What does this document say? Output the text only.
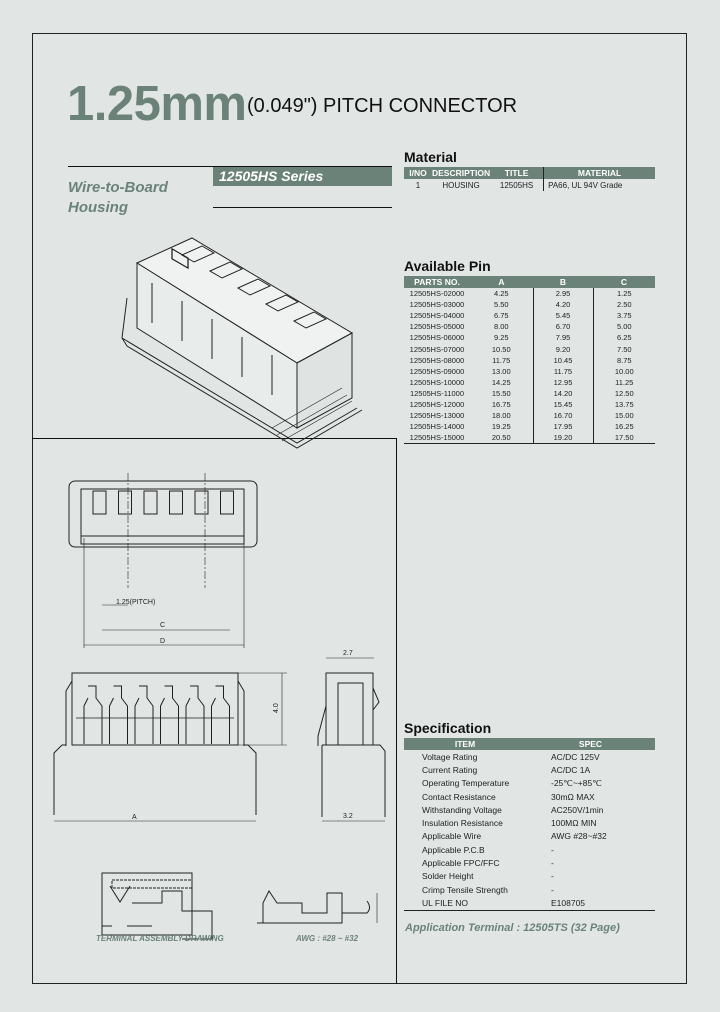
1.25mm (0.049") PITCH CONNECTOR
Wire-to-Board
Housing
12505HS Series
Material
I/NO	DESCRIPTION	TITLE	MATERIAL
1	HOUSING	12505HS	PA66, UL 94V Grade
Available Pin
PARTS NO.	A	B	C
12505HS-02000	4.25	2.95	1.25
12505HS-03000	5.50	4.20	2.50
12505HS-04000	6.75	5.45	3.75
12505HS-05000	8.00	6.70	5.00
12505HS-06000	9.25	7.95	6.25
12505HS-07000	10.50	9.20	7.50
12505HS-08000	11.75	10.45	8.75
12505HS-09000	13.00	11.75	10.00
12505HS-10000	14.25	12.95	11.25
12505HS-11000	15.50	14.20	12.50
12505HS-12000	16.75	15.45	13.75
12505HS-13000	18.00	16.70	15.00
12505HS-14000	19.25	17.95	16.25
12505HS-15000	20.50	19.20	17.50
Specification
ITEM	SPEC
Voltage Rating	AC/DC 125V
Current Rating	AC/DC 1A
Operating Temperature	-25℃~+85℃
Contact Resistance	30mΩ MAX
Withstanding Voltage	AC250V/1min
Insulation Resistance	100MΩ MIN
Applicable Wire	AWG #28~#32
Applicable P.C.B	-
Applicable FPC/FFC	-
Solder Height	-
Crimp Tensile Strength	-
UL FILE NO	E108705
Application Terminal : 12505TS (32 Page)
1.25(PITCH)
C
D
A
4.0
2.7
3.2
TERMINAL ASSEMBLY DRAWING	AWG : #28 ~ #32
